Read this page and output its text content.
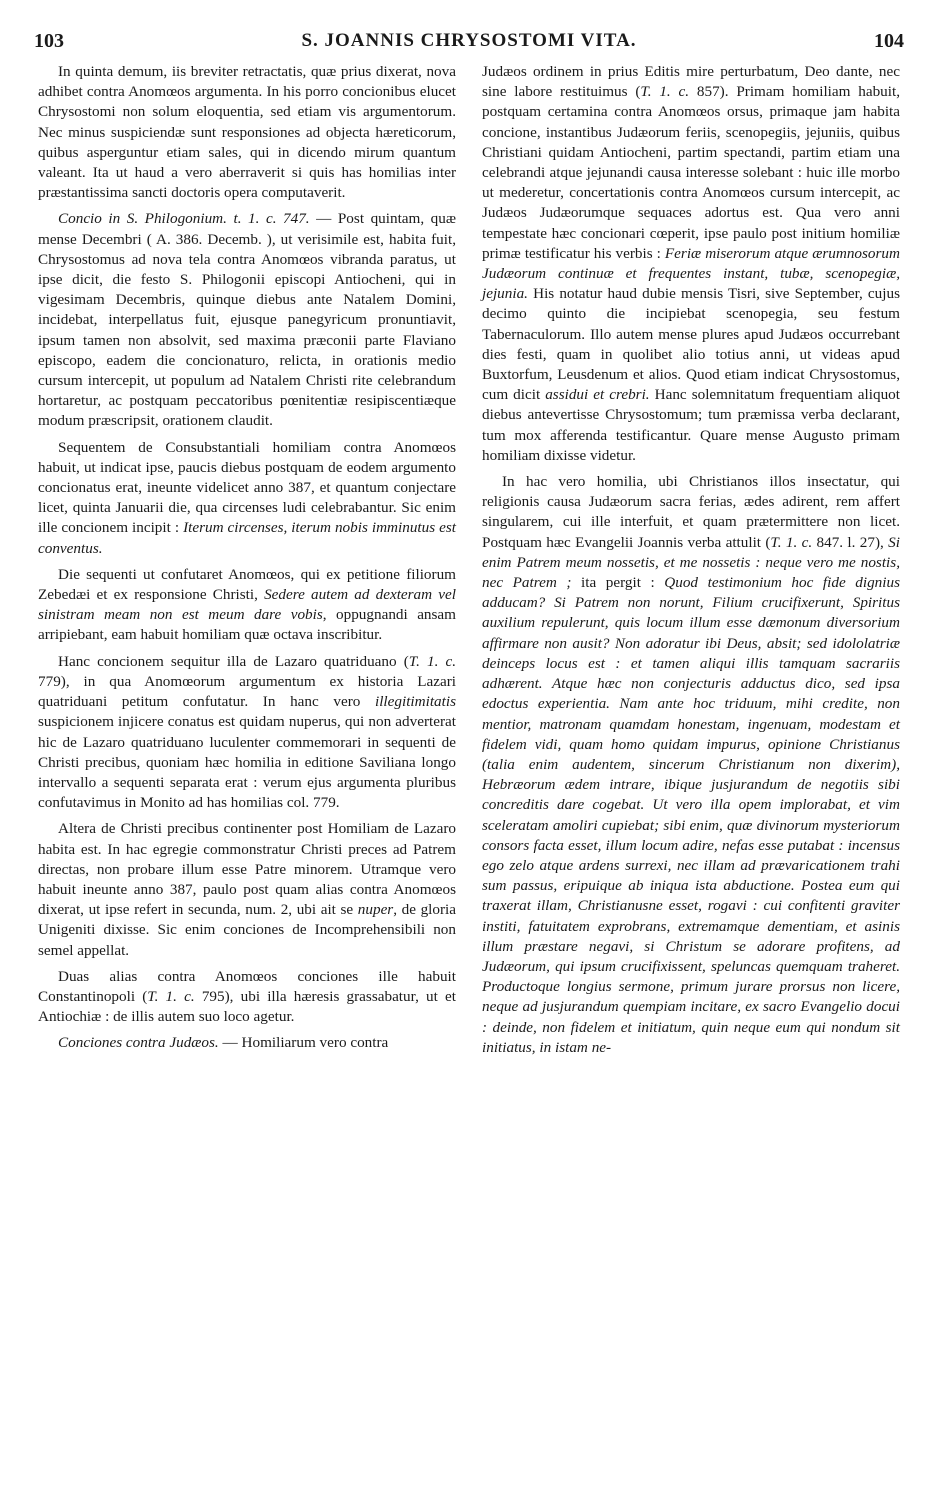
103	S. JOANNIS CHRYSOSTOMI VITA.	104

In quinta demum, iis breviter retractatis, quæ prius dixerat, nova adhibet contra Anomœos argumenta. In his porro concionibus elucet Chrysostomi non solum eloquentia, sed etiam vis argumentorum. Nec minus suspiciendæ sunt responsiones ad objecta hæreticorum, quibus asperguntur etiam sales, qui in dicendo mirum quantum valeant. Ita ut haud a vero aberraverit si quis has homilias inter præstantissima sancti doctoris opera computaverit.

Concio in S. Philogonium. t. 1. c. 747. — Post quintam, quæ mense Decembri ( A. 386. Decemb. ), ut verisimile est, habita fuit, Chrysostomus ad nova tela contra Anomœos vibranda paratus, ut ipse dicit, die festo S. Philogonii episcopi Antiocheni, qui in vigesimam Decembris, quinque diebus ante Natalem Domini, incidebat, interpellatus fuit, ejusque panegyricum pronuntiavit, ipsum tamen non absolvit, sed maxima præconii parte Flaviano episcopo, eadem die concionaturo, relicta, in orationis medio cursum intercepit, ut populum ad Natalem Christi rite celebrandum hortaretur, ac postquam peccatoribus pœnitentiæ resipiscentiæque modum præscripsit, orationem claudit.

Sequentem de Consubstantiali homiliam contra Anomœos habuit, ut indicat ipse, paucis diebus postquam de eodem argumento concionatus erat, ineunte videlicet anno 387, et quantum conjectare licet, quinta Januarii die, qua circenses ludi celebrabantur. Sic enim ille concionem incipit : Iterum circenses, iterum nobis imminutus est conventus.

Die sequenti ut confutaret Anomœos, qui ex petitione filiorum Zebedæi et ex responsione Christi, Sedere autem ad dexteram vel sinistram meam non est meum dare vobis, oppugnandi ansam arripiebant, eam habuit homiliam quæ octava inscribitur.

Hanc concionem sequitur illa de Lazaro quatriduano (T. 1. c. 779), in qua Anomœorum argumentum ex historia Lazari quatriduani petitum confutatur. In hanc vero illegitimitatis suspicionem injicere conatus est quidam nuperus, qui non adverterat hic de Lazaro quatriduano luculenter commemorari in sequenti de Christi precibus, quoniam hæc homilia in editione Saviliana longo intervallo a sequenti separata erat : verum ejus argumenta pluribus confutavimus in Monito ad has homilias col. 779.

Altera de Christi precibus continenter post Homiliam de Lazaro habita est. In hac egregie commonstratur Christi preces ad Patrem directas, non probare illum esse Patre minorem. Utramque vero habuit ineunte anno 387, paulo post quam alias contra Anomœos dixerat, ut ipse refert in secunda, num. 2, ubi ait se nuper, de gloria Unigeniti dixisse. Sic enim conciones de Incomprehensibili non semel appellat.

Duas alias contra Anomœos conciones ille habuit Constantinopoli (T. 1. c. 795), ubi illa hæresis grassabatur, ut et Antiochiæ : de illis autem suo loco agetur.

Conciones contra Judæos. — Homiliarum vero contra

Judæos ordinem in prius Editis mire perturbatum, Deo dante, nec sine labore restituimus (T. 1. c. 857). Primam homiliam habuit, postquam certamina contra Anomœos orsus, primaque jam habita concione, instantibus Judæorum feriis, scenopegiis, jejuniis, quibus Christiani quidam Antiocheni, partim spectandi, partim etiam una celebrandi atque jejunandi causa interesse solebant : huic ille morbo ut mederetur, concertationis contra Anomœos cursum intercepit, ac Judæos Judæorumque sequaces adortus est. Qua vero anni tempestate hæc concionari cœperit, ipse paulo post initium homiliæ primæ testificatur his verbis : Feriæ miserorum atque ærumnosorum Judæorum continuæ et frequentes instant, tubæ, scenopegiæ, jejunia. His notatur haud dubie mensis Tisri, sive September, cujus decimo quinto die incipiebat scenopegia, seu festum Tabernaculorum. Illo autem mense plures apud Judæos occurrebant dies festi, quam in quolibet alio totius anni, ut videas apud Buxtorfum, Leusdenum et alios. Quod etiam indicat Chrysostomus, cum dicit assidui et crebri. Hanc solemnitatum frequentiam aliquot diebus antevertisse Chrysostomum; tum præmissa verba declarant, tum mox afferenda testificantur. Quare mense Augusto primam homiliam dixisse videtur.

In hac vero homilia, ubi Christianos illos insectatur, qui religionis causa Judæorum sacra ferias, ædes adirent, rem affert singularem, cui ille interfuit, et quam prætermittere non licet. Postquam hæc Evangelii Joannis verba attulit (T. 1. c. 847. l. 27), Si enim Patrem meum nossetis, et me nossetis : neque vero me nostis, nec Patrem ; ita pergit : Quod testimonium hoc fide dignius adducam? Si Patrem non norunt, Filium crucifixerunt, Spiritus auxilium repulerunt, quis locum illum esse dæmonum diversorium affirmare non ausit? Non adoratur ibi Deus, absit; sed idololatriæ deinceps locus est : et tamen aliqui illis tamquam sacrariis adhærent. Atque hæc non conjecturis adductus dico, sed ipsa edoctus experientia. Nam ante hoc triduum, mihi credite, non mentior, matronam quamdam honestam, ingenuam, modestam et fidelem vidi, quam homo quidam impurus, opinione Christianus (talia enim audentem, sincerum Christianum non dixerim), Hebræorum ædem intrare, ibique jusjurandum de negotiis sibi concreditis dare cogebat. Ut vero illa opem implorabat, et vim sceleratam amoliri cupiebat; sibi enim, quæ divinorum mysteriorum consors facta esset, illum locum adire, nefas esse putabat : incensus ego zelo atque ardens surrexi, nec illam ad prævaricationem trahi sum passus, eripuique ab iniqua ista abductione. Postea eum qui traxerat illam, Christianusne esset, rogavi : cui confitenti graviter institi, fatuitatem exprobrans, extremamque dementiam, et asinis illum præstare negavi, si Christum se adorare profitens, ad Judæorum, qui ipsum crucifixissent, speluncas quemquam traheret. Productoque longius sermone, primum jurare prorsus non licere, neque ad jusjurandum quempiam incitare, ex sacro Evangelio docui : deinde, non fidelem et initiatum, quin neque eum qui nondum sit initiatus, in istam ne-
